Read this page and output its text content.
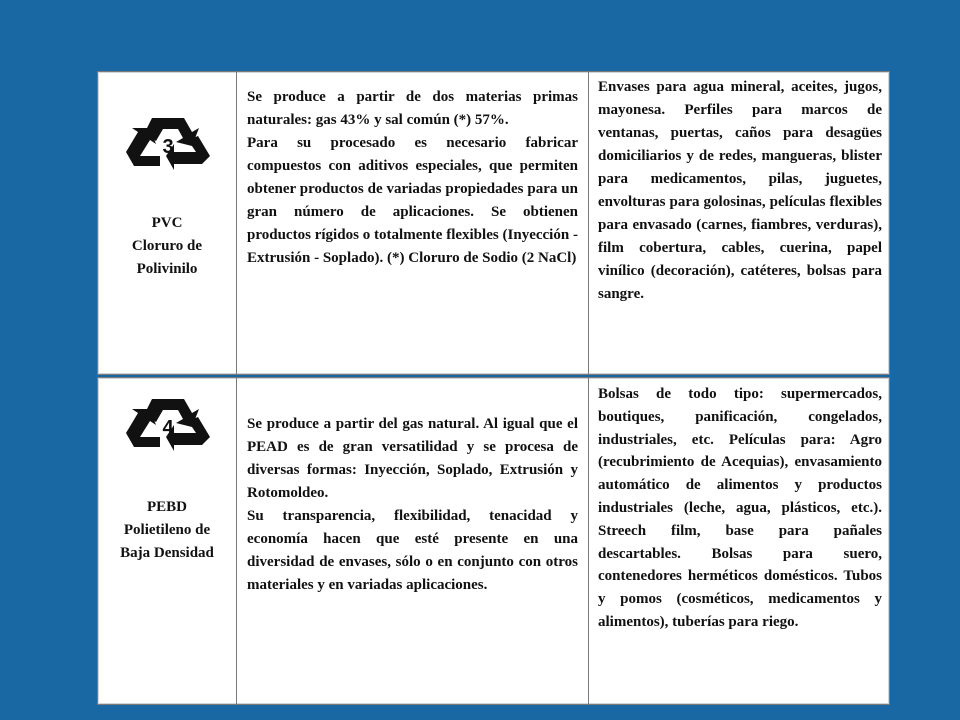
3
PVC
Cloruro de
Polivinilo

Se produce a partir de dos materias primas naturales: gas 43% y sal común (*) 57%.

Para su procesado es necesario fabricar compuestos con aditivos especiales, que permiten obtener productos de variadas propiedades para un gran número de aplicaciones. Se obtienen productos rígidos o totalmente flexibles (Inyección - Extrusión - Soplado). (*) Cloruro de Sodio (2 NaCl)

Envases para agua mineral, aceites, jugos, mayonesa. Perfiles para marcos de ventanas, puertas, caños para desagües domiciliarios y de redes, mangueras, blister para medicamentos, pilas, juguetes, envolturas para golosinas, películas flexibles para envasado (carnes, fiambres, verduras), film cobertura, cables, cuerina, papel vinílico (decoración), catéteres, bolsas para sangre.

4
PEBD
Polietileno de
Baja Densidad

Se produce a partir del gas natural. Al igual que el PEAD es de gran versatilidad y se procesa de diversas formas: Inyección, Soplado, Extrusión y Rotomoldeo.

Su transparencia, flexibilidad, tenacidad y economía hacen que esté presente en una diversidad de envases, sólo o en conjunto con otros materiales y en variadas aplicaciones.

Bolsas de todo tipo: supermercados, boutiques, panificación, congelados, industriales, etc. Películas para: Agro (recubrimiento de Acequias), envasamiento automático de alimentos y productos industriales (leche, agua, plásticos, etc.). Streech film, base para pañales descartables. Bolsas para suero, contenedores herméticos domésticos. Tubos y pomos (cosméticos, medicamentos y alimentos), tuberías para riego.
